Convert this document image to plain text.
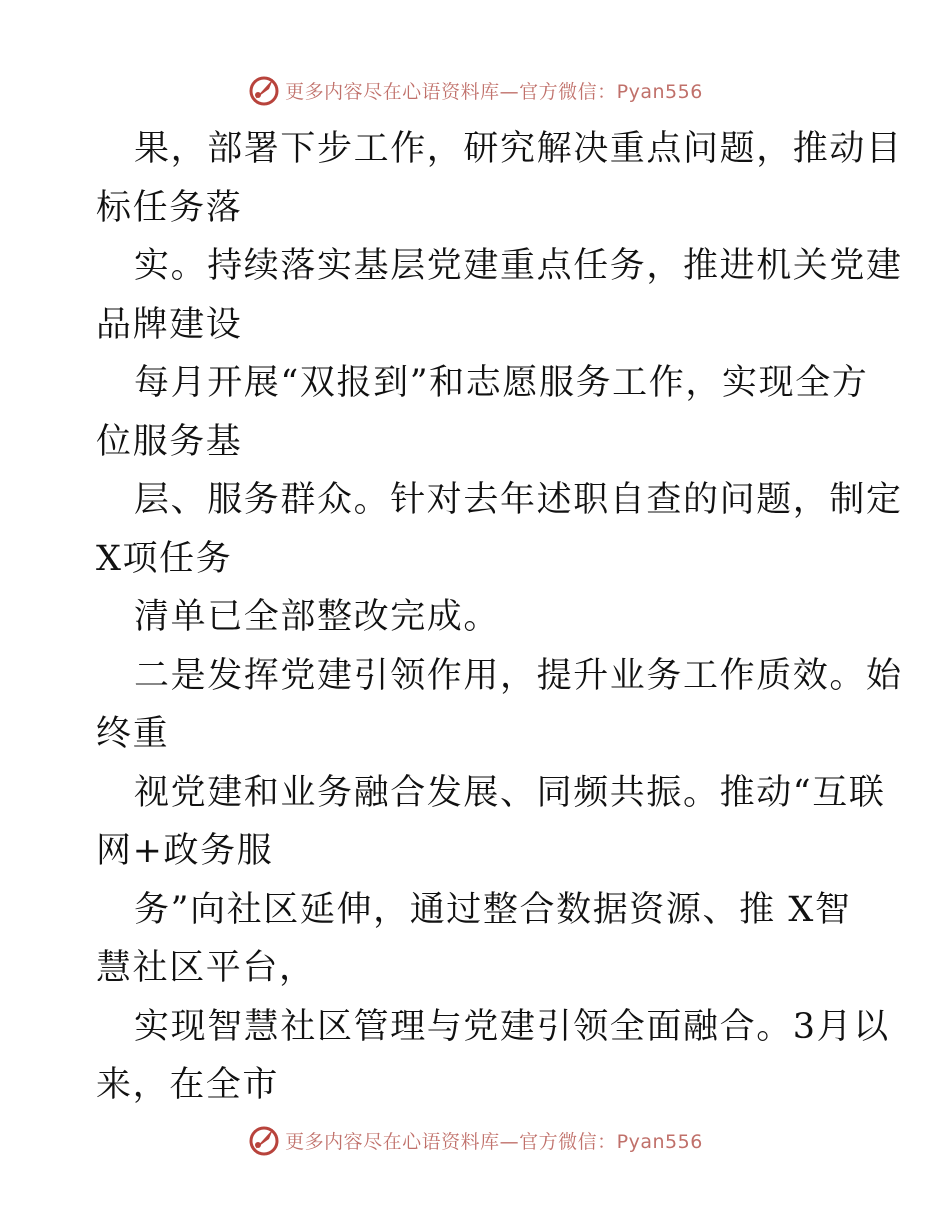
更多内容尽在心语资料库—官方微信：Pyan556
果，部署下步工作，研究解决重点问题，推动目
标任务落
实。持续落实基层党建重点任务，推进机关党建
品牌建设
每月开展“双报到”和志愿服务工作，实现全方
位服务基
层、服务群众。针对去年述职自查的问题，制定
X项任务
清单已全部整改完成。
二是发挥党建引领作用，提升业务工作质效。始
终重
视党建和业务融合发展、同频共振。推动“互联
网+政务服
务”向社区延伸，通过整合数据资源、推 X智
慧社区平台，
实现智慧社区管理与党建引领全面融合。3月以
来，在全市
更多内容尽在心语资料库—官方微信：Pyan556
